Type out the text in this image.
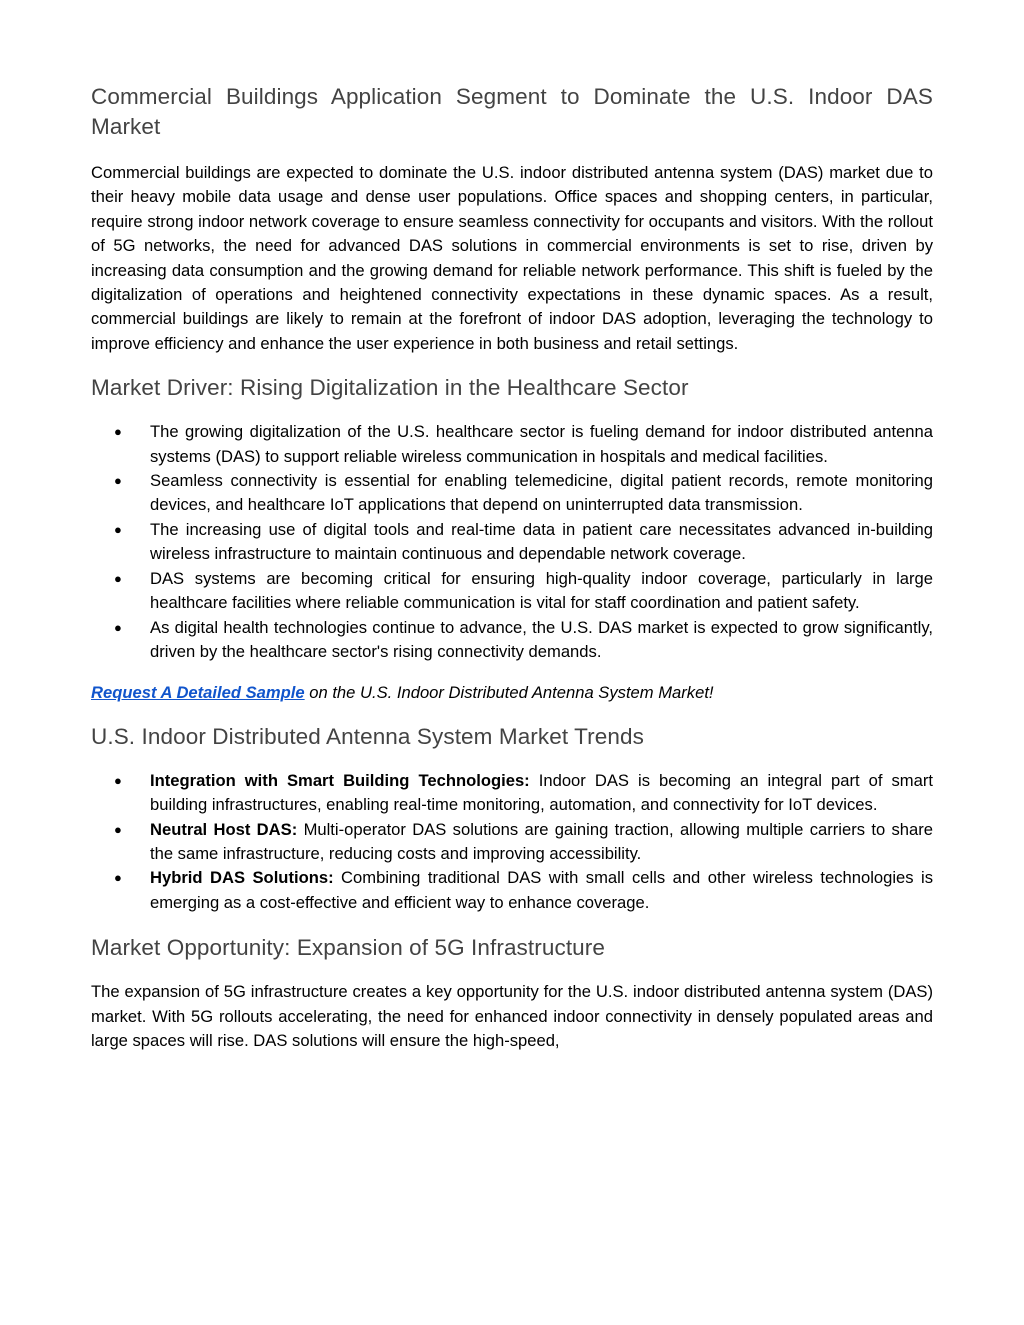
Commercial Buildings Application Segment to Dominate the U.S. Indoor DAS Market

Commercial buildings are expected to dominate the U.S. indoor distributed antenna system (DAS) market due to their heavy mobile data usage and dense user populations. Office spaces and shopping centers, in particular, require strong indoor network coverage to ensure seamless connectivity for occupants and visitors. With the rollout of 5G networks, the need for advanced DAS solutions in commercial environments is set to rise, driven by increasing data consumption and the growing demand for reliable network performance. This shift is fueled by the digitalization of operations and heightened connectivity expectations in these dynamic spaces. As a result, commercial buildings are likely to remain at the forefront of indoor DAS adoption, leveraging the technology to improve efficiency and enhance the user experience in both business and retail settings.

Market Driver: Rising Digitalization in the Healthcare Sector
● The growing digitalization of the U.S. healthcare sector is fueling demand for indoor distributed antenna systems (DAS) to support reliable wireless communication in hospitals and medical facilities.
● Seamless connectivity is essential for enabling telemedicine, digital patient records, remote monitoring devices, and healthcare IoT applications that depend on uninterrupted data transmission.
● The increasing use of digital tools and real-time data in patient care necessitates advanced in-building wireless infrastructure to maintain continuous and dependable network coverage.
● DAS systems are becoming critical for ensuring high-quality indoor coverage, particularly in large healthcare facilities where reliable communication is vital for staff coordination and patient safety.
● As digital health technologies continue to advance, the U.S. DAS market is expected to grow significantly, driven by the healthcare sector's rising connectivity demands.

Request A Detailed Sample on the U.S. Indoor Distributed Antenna System Market!

U.S. Indoor Distributed Antenna System Market Trends
● Integration with Smart Building Technologies: Indoor DAS is becoming an integral part of smart building infrastructures, enabling real-time monitoring, automation, and connectivity for IoT devices.
● Neutral Host DAS: Multi-operator DAS solutions are gaining traction, allowing multiple carriers to share the same infrastructure, reducing costs and improving accessibility.
● Hybrid DAS Solutions: Combining traditional DAS with small cells and other wireless technologies is emerging as a cost-effective and efficient way to enhance coverage.
Market Opportunity: Expansion of 5G Infrastructure

The expansion of 5G infrastructure creates a key opportunity for the U.S. indoor distributed antenna system (DAS) market. With 5G rollouts accelerating, the need for enhanced indoor connectivity in densely populated areas and large spaces will rise. DAS solutions will ensure the high-speed,
